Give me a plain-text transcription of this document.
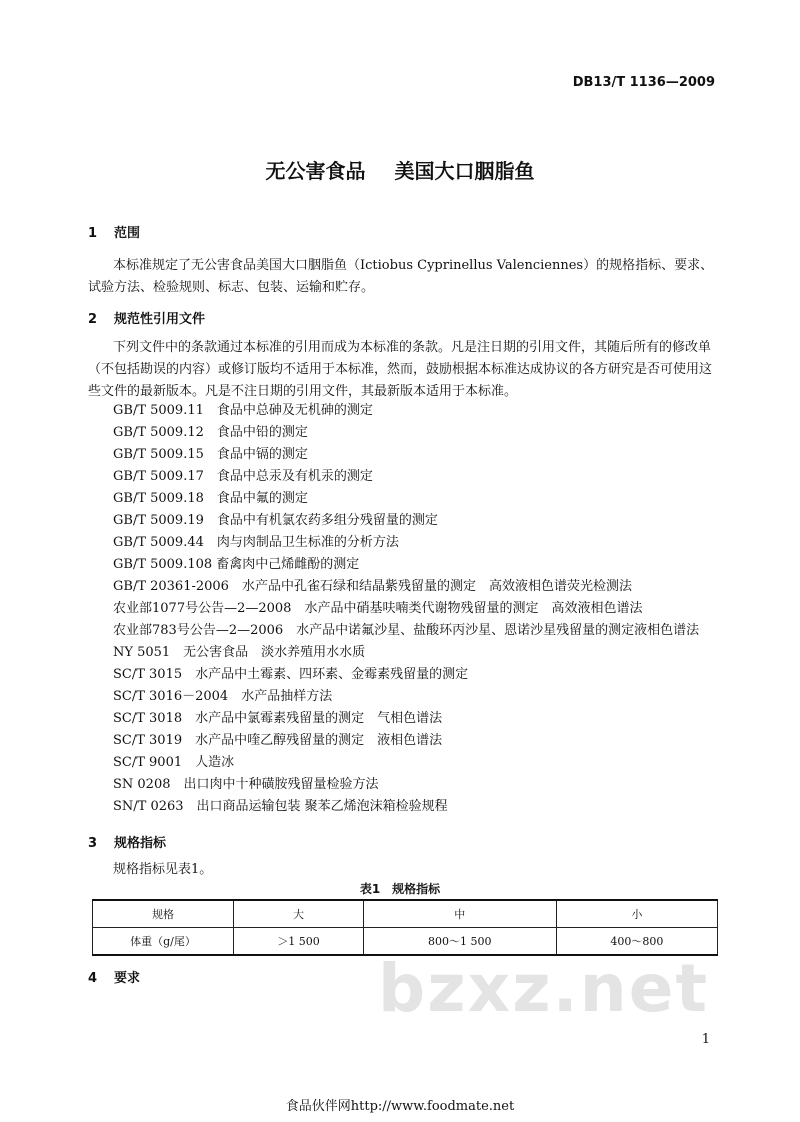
DB13/T 1136—2009
无公害食品 美国大口胭脂鱼
1 范围
本标准规定了无公害食品美国大口胭脂鱼（Ictiobus Cyprinellus Valenciennes）的规格指标、要求、试验方法、检验规则、标志、包装、运输和贮存。
2 规范性引用文件
下列文件中的条款通过本标准的引用而成为本标准的条款。凡是注日期的引用文件，其随后所有的修改单（不包括勘误的内容）或修订版均不适用于本标准，然而，鼓励根据本标准达成协议的各方研究是否可使用这些文件的最新版本。凡是不注日期的引用文件，其最新版本适用于本标准。
GB/T 5009.11　食品中总砷及无机砷的测定
GB/T 5009.12　食品中铅的测定
GB/T 5009.15　食品中镉的测定
GB/T 5009.17　食品中总汞及有机汞的测定
GB/T 5009.18　食品中氟的测定
GB/T 5009.19　食品中有机氯农药多组分残留量的测定
GB/T 5009.44　肉与肉制品卫生标准的分析方法
GB/T 5009.108 畜禽肉中己烯雌酚的测定
GB/T 20361-2006　水产品中孔雀石绿和结晶紫残留量的测定　高效液相色谱荧光检测法
农业部1077号公告—2—2008　水产品中硝基呋喃类代谢物残留量的测定　高效液相色谱法
农业部783号公告—2—2006　水产品中诺氟沙星、盐酸环丙沙星、恩诺沙星残留量的测定液相色谱法
NY 5051　无公害食品　淡水养殖用水水质
SC/T 3015　水产品中土霉素、四环素、金霉素残留量的测定
SC/T 3016－2004　水产品抽样方法
SC/T 3018　水产品中氯霉素残留量的测定　气相色谱法
SC/T 3019　水产品中喹乙醇残留量的测定　液相色谱法
SC/T 9001　人造冰
SN 0208　出口肉中十种磺胺残留量检验方法
SN/T 0263　出口商品运输包装 聚苯乙烯泡沫箱检验规程
3 规格指标
规格指标见表1。
表1　规格指标
规格	大	中	小
体重（g/尾）	＞1 500	800～1 500	400～800
4 要求	bzxz.net
1
食品伙伴网http://www.foodmate.net
